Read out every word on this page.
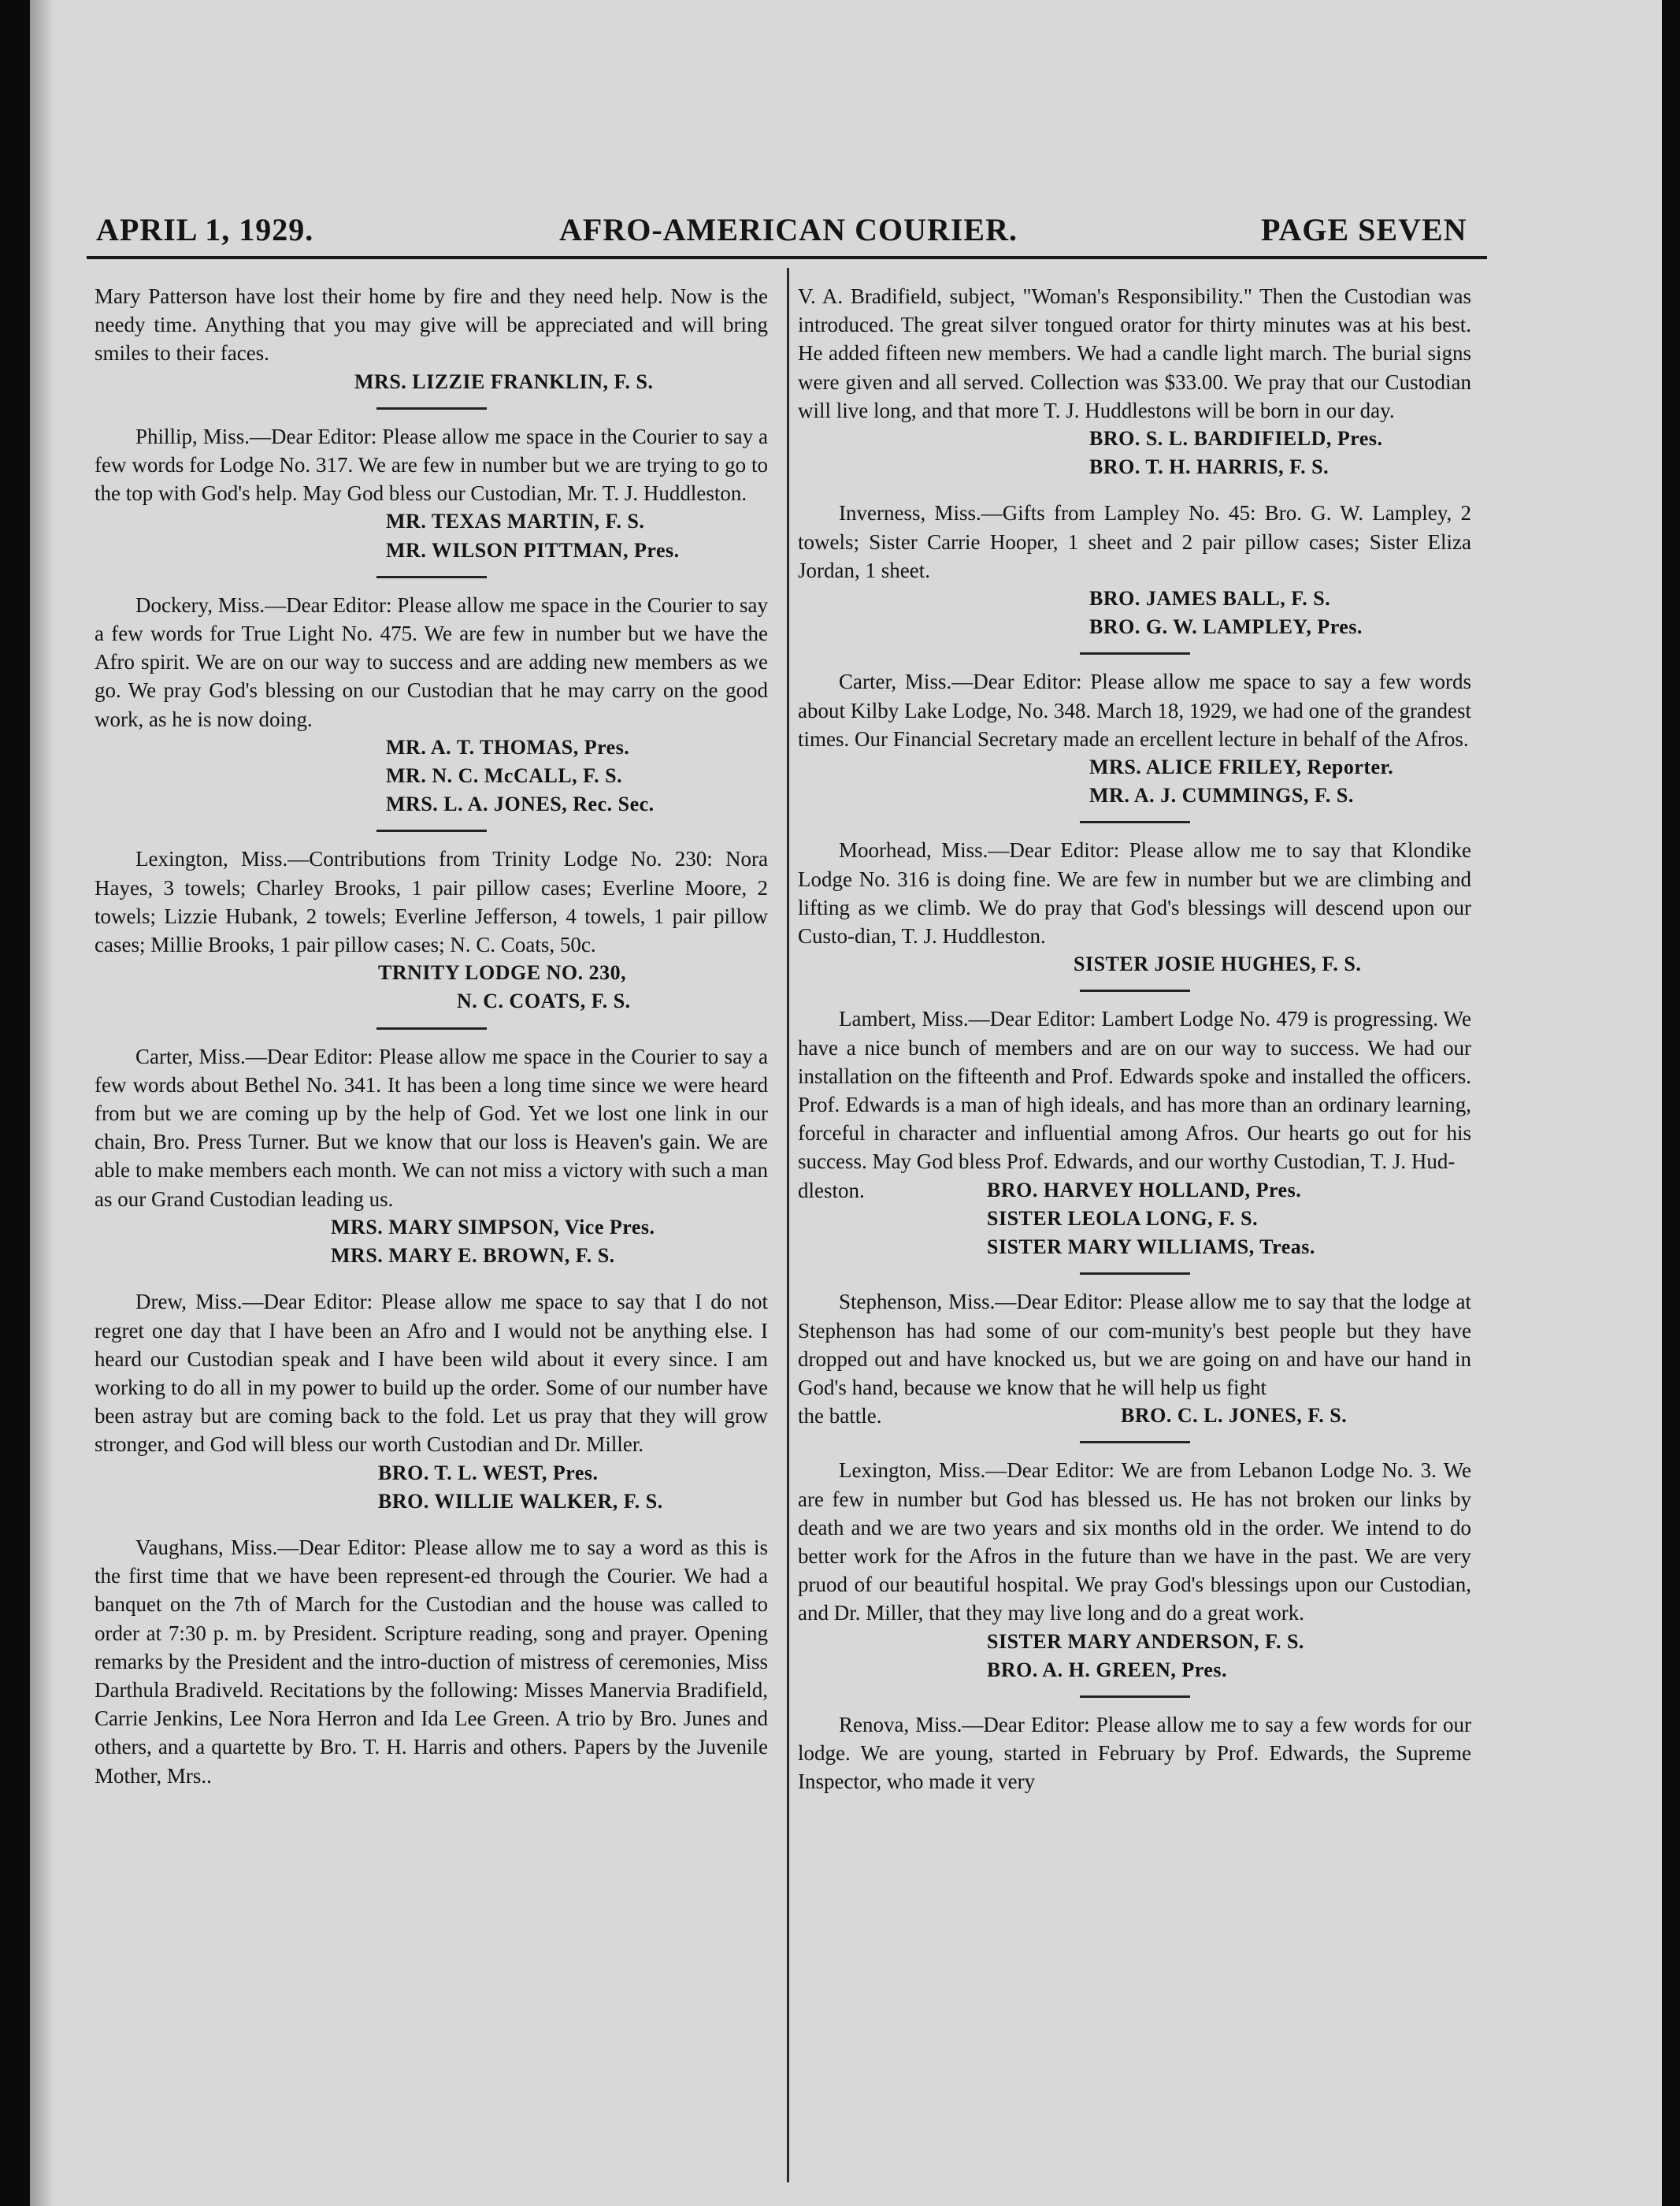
APRIL 1, 1929.	AFRO-AMERICAN COURIER.	PAGE SEVEN

Mary Patterson have lost their home by fire and they need help. Now is the needy time. Anything that you may give will be appreciated and will bring smiles to their faces.

MRS. LIZZIE FRANKLIN, F. S.

Phillip, Miss.—Dear Editor: Please allow me space in the Courier to say a few words for Lodge No. 317. We are few in number but we are trying to go to the top with God's help. May God bless our Custodian, Mr. T. J. Huddleston.

MR. TEXAS MARTIN, F. S.

MR. WILSON PITTMAN, Pres.

Dockery, Miss.—Dear Editor: Please allow me space in the Courier to say a few words for True Light No. 475. We are few in number but we have the Afro spirit. We are on our way to success and are adding new members as we go. We pray God's blessing on our Custodian that he may carry on the good work, as he is now doing.

MR. A. T. THOMAS, Pres.

MR. N. C. McCALL, F. S.

MRS. L. A. JONES, Rec. Sec.

Lexington, Miss.—Contributions from Trinity Lodge No. 230: Nora Hayes, 3 towels; Charley Brooks, 1 pair pillow cases; Everline Moore, 2 towels; Lizzie Hubank, 2 towels; Everline Jefferson, 4 towels, 1 pair pillow cases; Millie Brooks, 1 pair pillow cases; N. C. Coats, 50c.

TRNITY LODGE NO. 230,

N. C. COATS, F. S.

Carter, Miss.—Dear Editor: Please allow me space in the Courier to say a few words about Bethel No. 341. It has been a long time since we were heard from but we are coming up by the help of God. Yet we lost one link in our chain, Bro. Press Turner. But we know that our loss is Heaven's gain. We are able to make members each month. We can not miss a victory with such a man as our Grand Custodian leading us.

MRS. MARY SIMPSON, Vice Pres.

MRS. MARY E. BROWN, F. S.

Drew, Miss.—Dear Editor: Please allow me space to say that I do not regret one day that I have been an Afro and I would not be anything else. I heard our Custodian speak and I have been wild about it every since. I am working to do all in my power to build up the order. Some of our number have been astray but are coming back to the fold. Let us pray that they will grow stronger, and God will bless our worth Custodian and Dr. Miller.

BRO. T. L. WEST, Pres.

BRO. WILLIE WALKER, F. S.

Vaughans, Miss.—Dear Editor: Please allow me to say a word as this is the first time that we have been represent-ed through the Courier. We had a banquet on the 7th of March for the Custodian and the house was called to order at 7:30 p. m. by President. Scripture reading, song and prayer. Opening remarks by the President and the intro-duction of mistress of ceremonies, Miss Darthula Bradiveld. Recitations by the following: Misses Manervia Bradifield, Carrie Jenkins, Lee Nora Herron and Ida Lee Green. A trio by Bro. Junes and others, and a quartette by Bro. T. H. Harris and others. Papers by the Juvenile Mother, Mrs..

V. A. Bradifield, subject, "Woman's Responsibility." Then the Custodian was introduced. The great silver tongued orator for thirty minutes was at his best. He added fifteen new members. We had a candle light march. The burial signs were given and all served. Collection was $33.00. We pray that our Custodian will live long, and that more T. J. Huddlestons will be born in our day.

BRO. S. L. BARDIFIELD, Pres.

BRO. T. H. HARRIS, F. S.

Inverness, Miss.—Gifts from Lampley No. 45: Bro. G. W. Lampley, 2 towels; Sister Carrie Hooper, 1 sheet and 2 pair pillow cases; Sister Eliza Jordan, 1 sheet.

BRO. JAMES BALL, F. S.

BRO. G. W. LAMPLEY, Pres.

Carter, Miss.—Dear Editor: Please allow me space to say a few words about Kilby Lake Lodge, No. 348. March 18, 1929, we had one of the grandest times. Our Financial Secretary made an ercellent lecture in behalf of the Afros.

MRS. ALICE FRILEY, Reporter.

MR. A. J. CUMMINGS, F. S.

Moorhead, Miss.—Dear Editor: Please allow me to say that Klondike Lodge No. 316 is doing fine. We are few in number but we are climbing and lifting as we climb. We do pray that God's blessings will descend upon our Custo-dian, T. J. Huddleston.

SISTER JOSIE HUGHES, F. S.

Lambert, Miss.—Dear Editor: Lambert Lodge No. 479 is progressing. We have a nice bunch of members and are on our way to success. We had our installation on the fifteenth and Prof. Edwards spoke and installed the officers. Prof. Edwards is a man of high ideals, and has more than an ordinary learning, forceful in character and influential among Afros. Our hearts go out for his success. May God bless Prof. Edwards, and our worthy Custodian, T. J. Hud-

dleston.	BRO. HARVEY HOLLAND, Pres.

SISTER LEOLA LONG, F. S.

SISTER MARY WILLIAMS, Treas.

Stephenson, Miss.—Dear Editor: Please allow me to say that the lodge at Stephenson has had some of our com-munity's best people but they have dropped out and have knocked us, but we are going on and have our hand in God's hand, because we know that he will help us fight

the battle.	BRO. C. L. JONES, F. S.

Lexington, Miss.—Dear Editor: We are from Lebanon Lodge No. 3. We are few in number but God has blessed us. He has not broken our links by death and we are two years and six months old in the order. We intend to do better work for the Afros in the future than we have in the past. We are very pruod of our beautiful hospital. We pray God's blessings upon our Custodian, and Dr. Miller, that they may live long and do a great work.

SISTER MARY ANDERSON, F. S.

BRO. A. H. GREEN, Pres.

Renova, Miss.—Dear Editor: Please allow me to say a few words for our lodge. We are young, started in February by Prof. Edwards, the Supreme Inspector, who made it very
